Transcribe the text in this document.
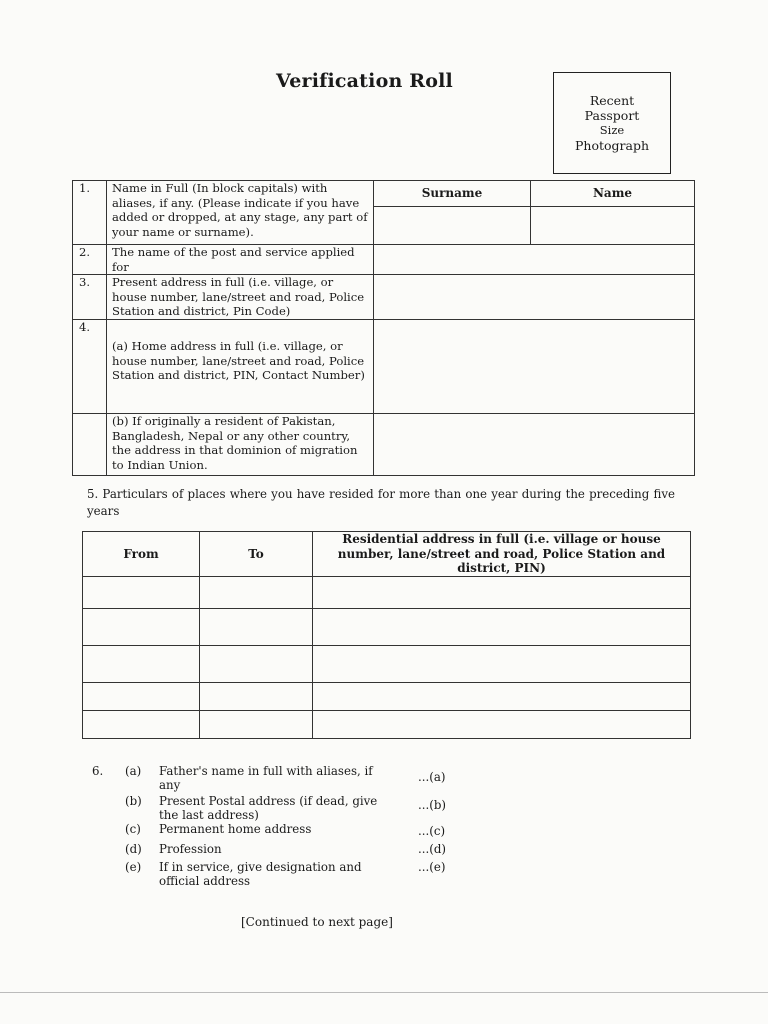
Verification Roll
Recent
Passport
Size
Photograph
1.	Name in Full (In block capitals) with aliases, if any. (Please indicate if you have added or dropped, at any stage, any part of your name or surname).	Surname	Name

2.	The name of the post and service applied for		
3.	Present address in full (i.e. village, or house number, lane/street and road, Police Station and district, Pin Code)		
4.	(a) Home address in full (i.e. village, or house number, lane/street and road, Police Station and district, PIN, Contact Number)		
	(b) If originally a resident of Pakistan, Bangladesh, Nepal or any other country, the address in that dominion of migration to Indian Union.		
5. Particulars of places where you have resided for more than one year during the preceding five years
From	To	Residential address in full (i.e. village or house number, lane/street and road, Police Station and district, PIN)

6. (a) Father's name in full with aliases, if any
...(a)
(b) Present Postal address (if dead, give the last address)
...(b)
(c) Permanent home address	...(c)
(d) Profession	...(d)
(e) If in service, give designation and official address
...(e)
[Continued to next page]
